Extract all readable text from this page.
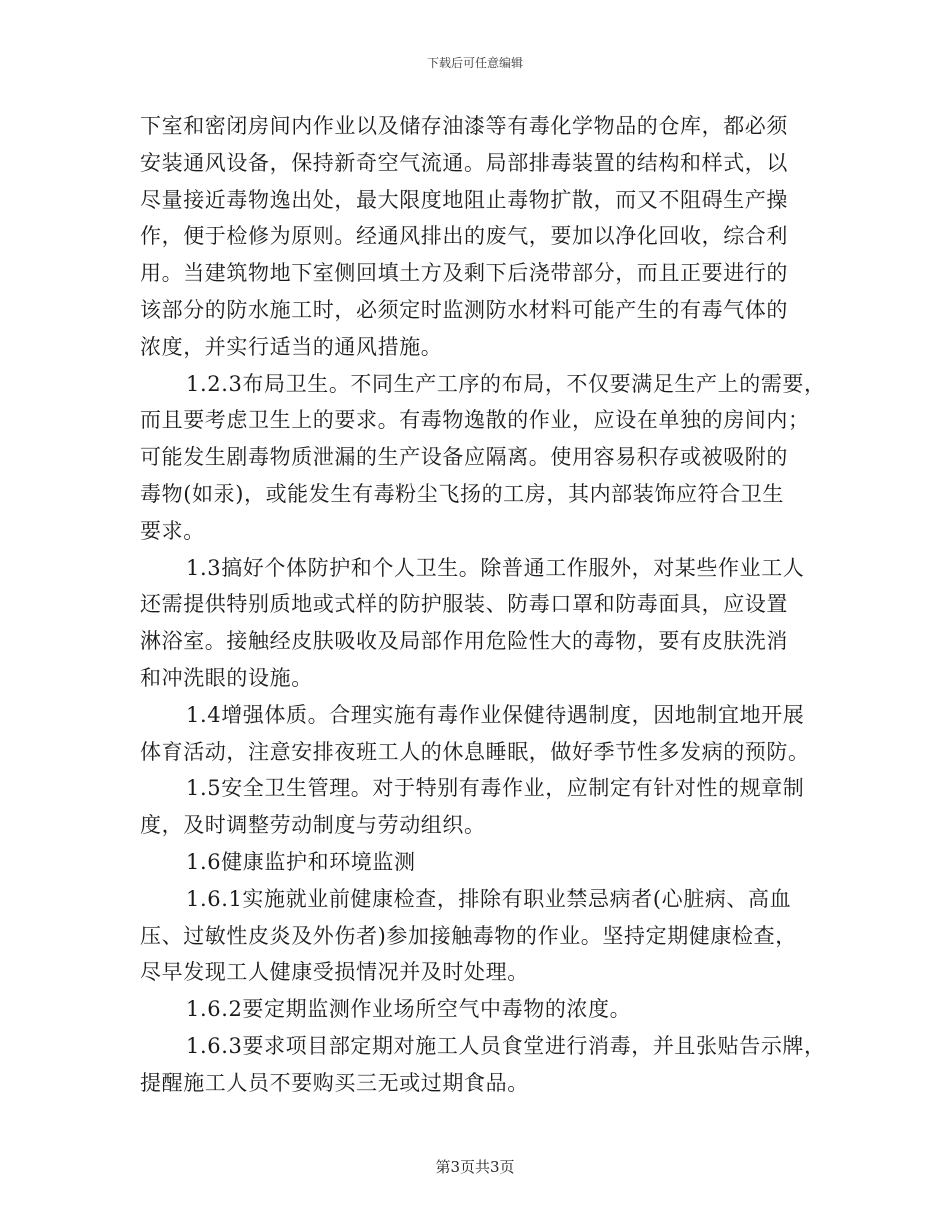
下载后可任意编辑

下室和密闭房间内作业以及储存油漆等有毒化学物品的仓库，都必须
安装通风设备，保持新奇空气流通。局部排毒装置的结构和样式，以
尽量接近毒物逸出处，最大限度地阻止毒物扩散，而又不阻碍生产操
作，便于检修为原则。经通风排出的废气，要加以净化回收，综合利
用。当建筑物地下室侧回填土方及剩下后浇带部分，而且正要进行的
该部分的防水施工时，必须定时监测防水材料可能产生的有毒气体的
浓度，并实行适当的通风措施。

1.2.3布局卫生。不同生产工序的布局，不仅要满足生产上的需要，
而且要考虑卫生上的要求。有毒物逸散的作业，应设在单独的房间内；
可能发生剧毒物质泄漏的生产设备应隔离。使用容易积存或被吸附的
毒物(如汞)，或能发生有毒粉尘飞扬的工房，其内部装饰应符合卫生
要求。

1.3搞好个体防护和个人卫生。除普通工作服外，对某些作业工人
还需提供特别质地或式样的防护服装、防毒口罩和防毒面具，应设置
淋浴室。接触经皮肤吸收及局部作用危险性大的毒物，要有皮肤洗消
和冲洗眼的设施。

1.4增强体质。合理实施有毒作业保健待遇制度，因地制宜地开展
体育活动，注意安排夜班工人的休息睡眠，做好季节性多发病的预防。

1.5安全卫生管理。对于特别有毒作业，应制定有针对性的规章制
度，及时调整劳动制度与劳动组织。

1.6健康监护和环境监测

1.6.1实施就业前健康检查，排除有职业禁忌病者(心脏病、高血
压、过敏性皮炎及外伤者)参加接触毒物的作业。坚持定期健康检查，
尽早发现工人健康受损情况并及时处理。

1.6.2要定期监测作业场所空气中毒物的浓度。

1.6.3要求项目部定期对施工人员食堂进行消毒，并且张贴告示牌，
提醒施工人员不要购买三无或过期食品。

第3页共3页
